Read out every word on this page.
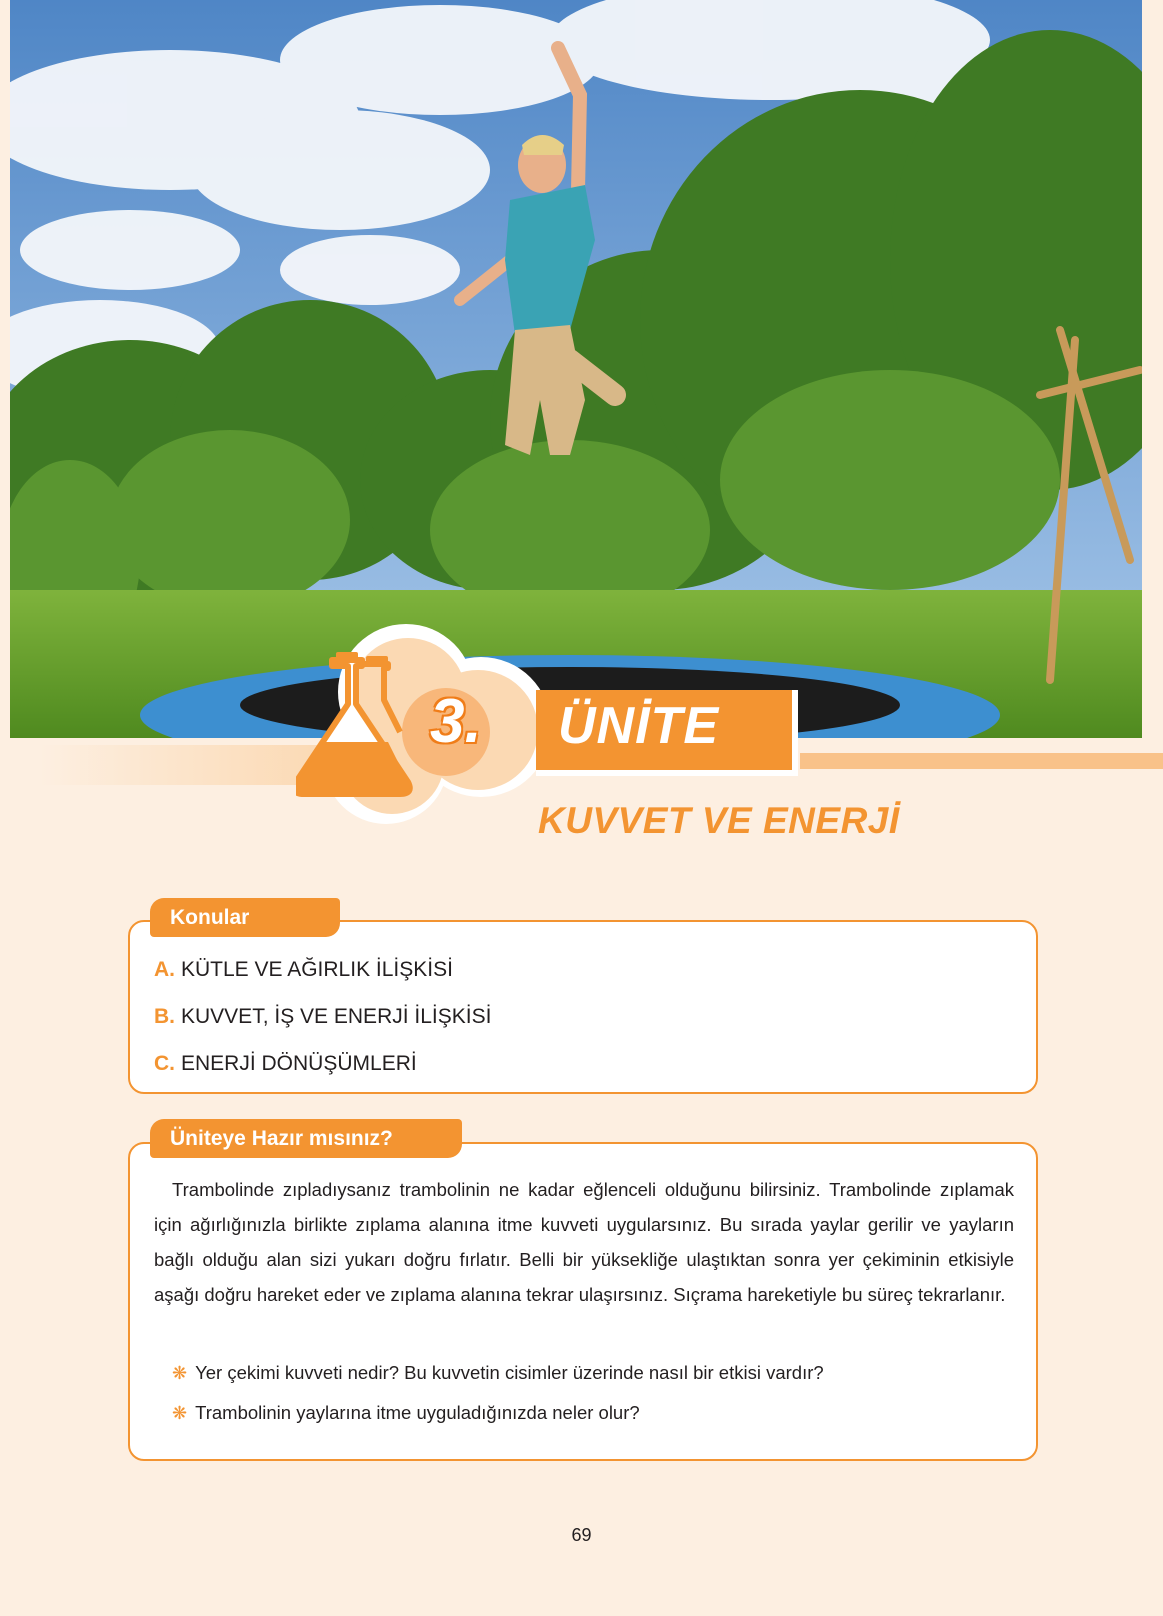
3. ÜNİTE
KUVVET VE ENERJİ
A. KÜTLE VE AĞIRLIK İLİŞKİSİ
B. KUVVET, İŞ VE ENERJİ İLİŞKİSİ
C. ENERJİ DÖNÜŞÜMLERİ
Konular

Trambolinde zıpladıysanız trambolinin ne kadar eğlenceli olduğunu bilirsiniz. Trambolinde zıplamak için ağırlığınızla birlikte zıplama alanına itme kuvveti uygularsınız. Bu sırada yaylar gerilir ve yayların bağlı olduğu alan sizi yukarı doğru fırlatır. Belli bir yüksekliğe ulaştıktan sonra yer çekiminin etkisiyle aşağı doğru hareket eder ve zıplama alanına tekrar ulaşırsınız. Sıçrama hareketiyle bu süreç tekrarlanır.

❋ Yer çekimi kuvveti nedir? Bu kuvvetin cisimler üzerinde nasıl bir etkisi vardır?
❋ Trambolinin yaylarına itme uyguladığınızda neler olur?
Üniteye Hazır mısınız?
69
